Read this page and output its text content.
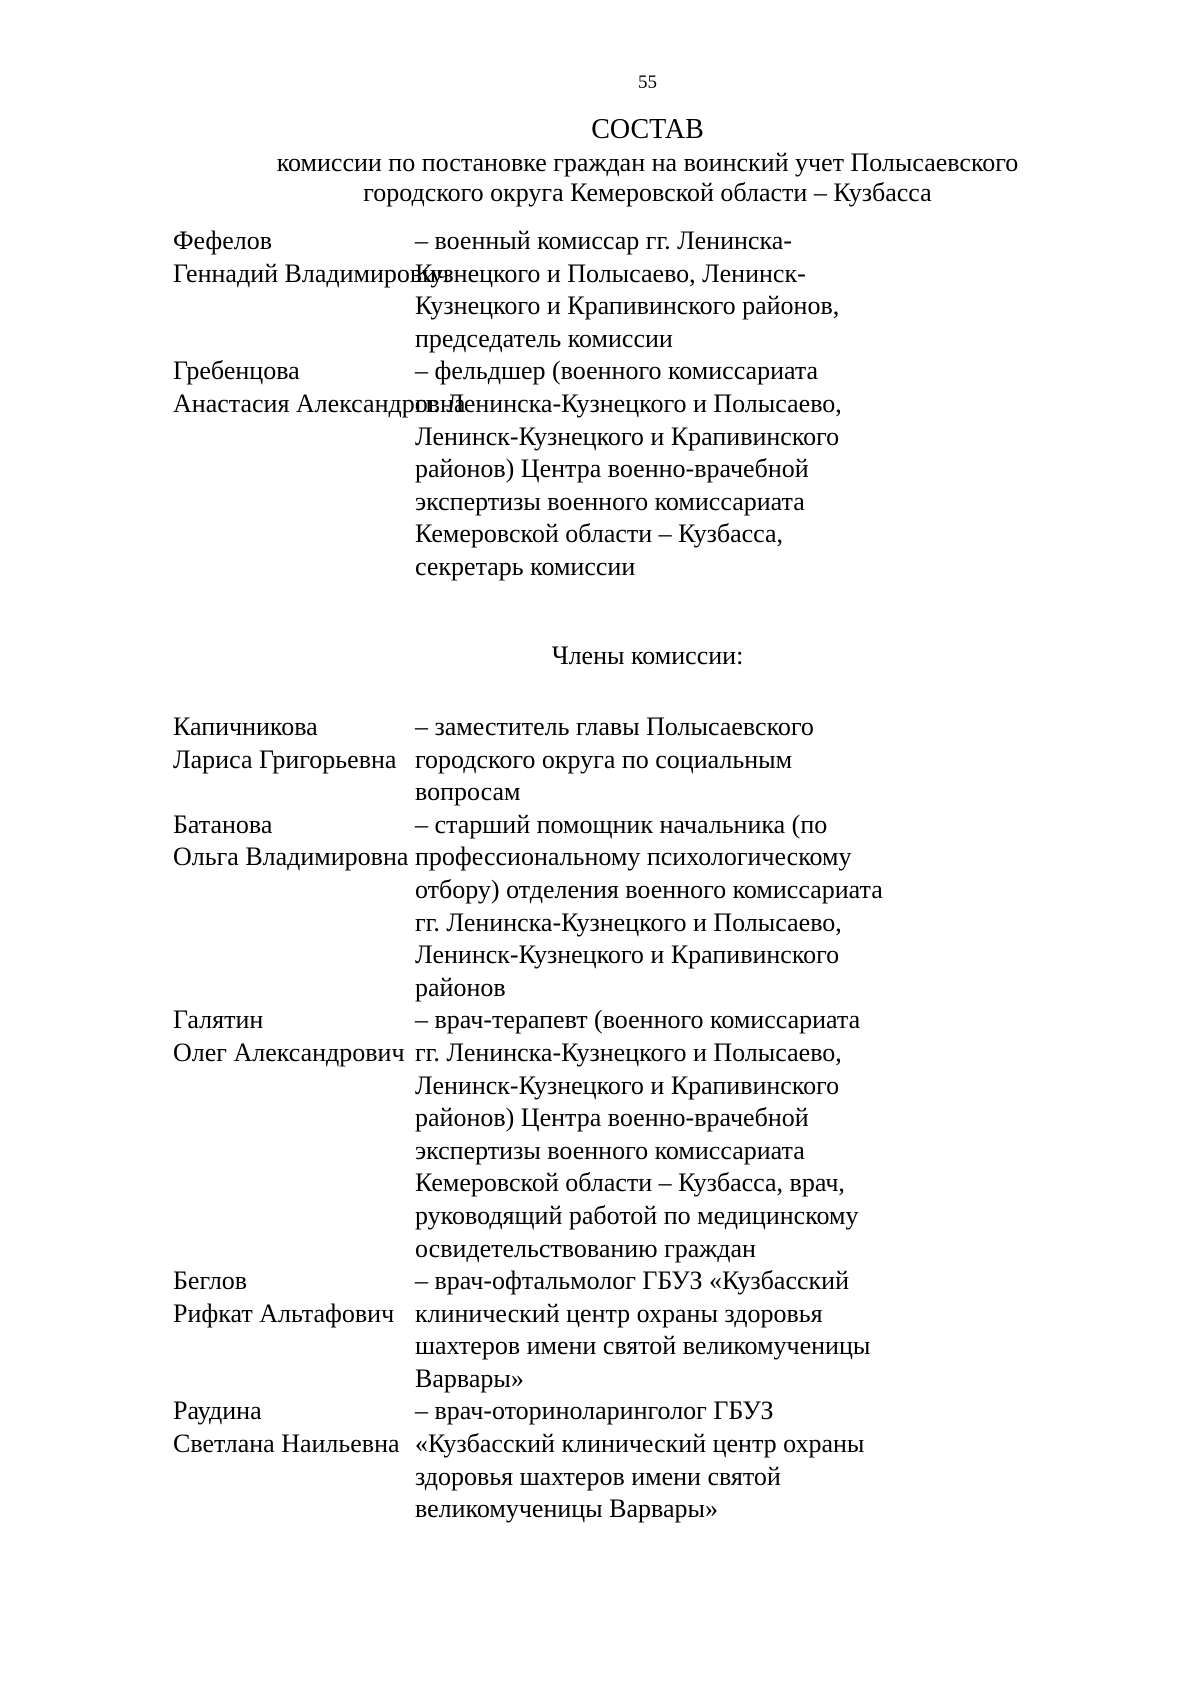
55
СОСТАВ
комиссии по постановке граждан на воинский учет Полысаевского
городского округа Кемеровской области – Кузбасса
Фефелов
Геннадий Владимирович
– военный комиссар гг. Ленинска-
Кузнецкого и Полысаево, Ленинск-
Кузнецкого и Крапивинского районов,
председатель комиссии
Гребенцова
Анастасия Александровна
– фельдшер (военного комиссариата
гг. Ленинска-Кузнецкого и Полысаево,
Ленинск-Кузнецкого и Крапивинского
районов) Центра военно-врачебной
экспертизы военного комиссариата
Кемеровской области – Кузбасса,
секретарь комиссии
Члены комиссии:
Капичникова
Лариса Григорьевна
– заместитель главы Полысаевского
городского округа по социальным
вопросам
Батанова
Ольга Владимировна
– старший помощник начальника (по
профессиональному психологическому
отбору) отделения военного комиссариата
гг. Ленинска-Кузнецкого и Полысаево,
Ленинск-Кузнецкого и Крапивинского
районов
Галятин
Олег Александрович
– врач-терапевт (военного комиссариата
гг. Ленинска-Кузнецкого и Полысаево,
Ленинск-Кузнецкого и Крапивинского
районов) Центра военно-врачебной
экспертизы военного комиссариата
Кемеровской области – Кузбасса, врач,
руководящий работой по медицинскому
освидетельствованию граждан
Беглов
Рифкат Альтафович
– врач-офтальмолог ГБУЗ «Кузбасский
клинический центр охраны здоровья
шахтеров имени святой великомученицы
Варвары»
Раудина
Светлана Наильевна
– врач-оториноларинголог ГБУЗ
«Кузбасский клинический центр охраны
здоровья шахтеров имени святой
великомученицы Варвары»
